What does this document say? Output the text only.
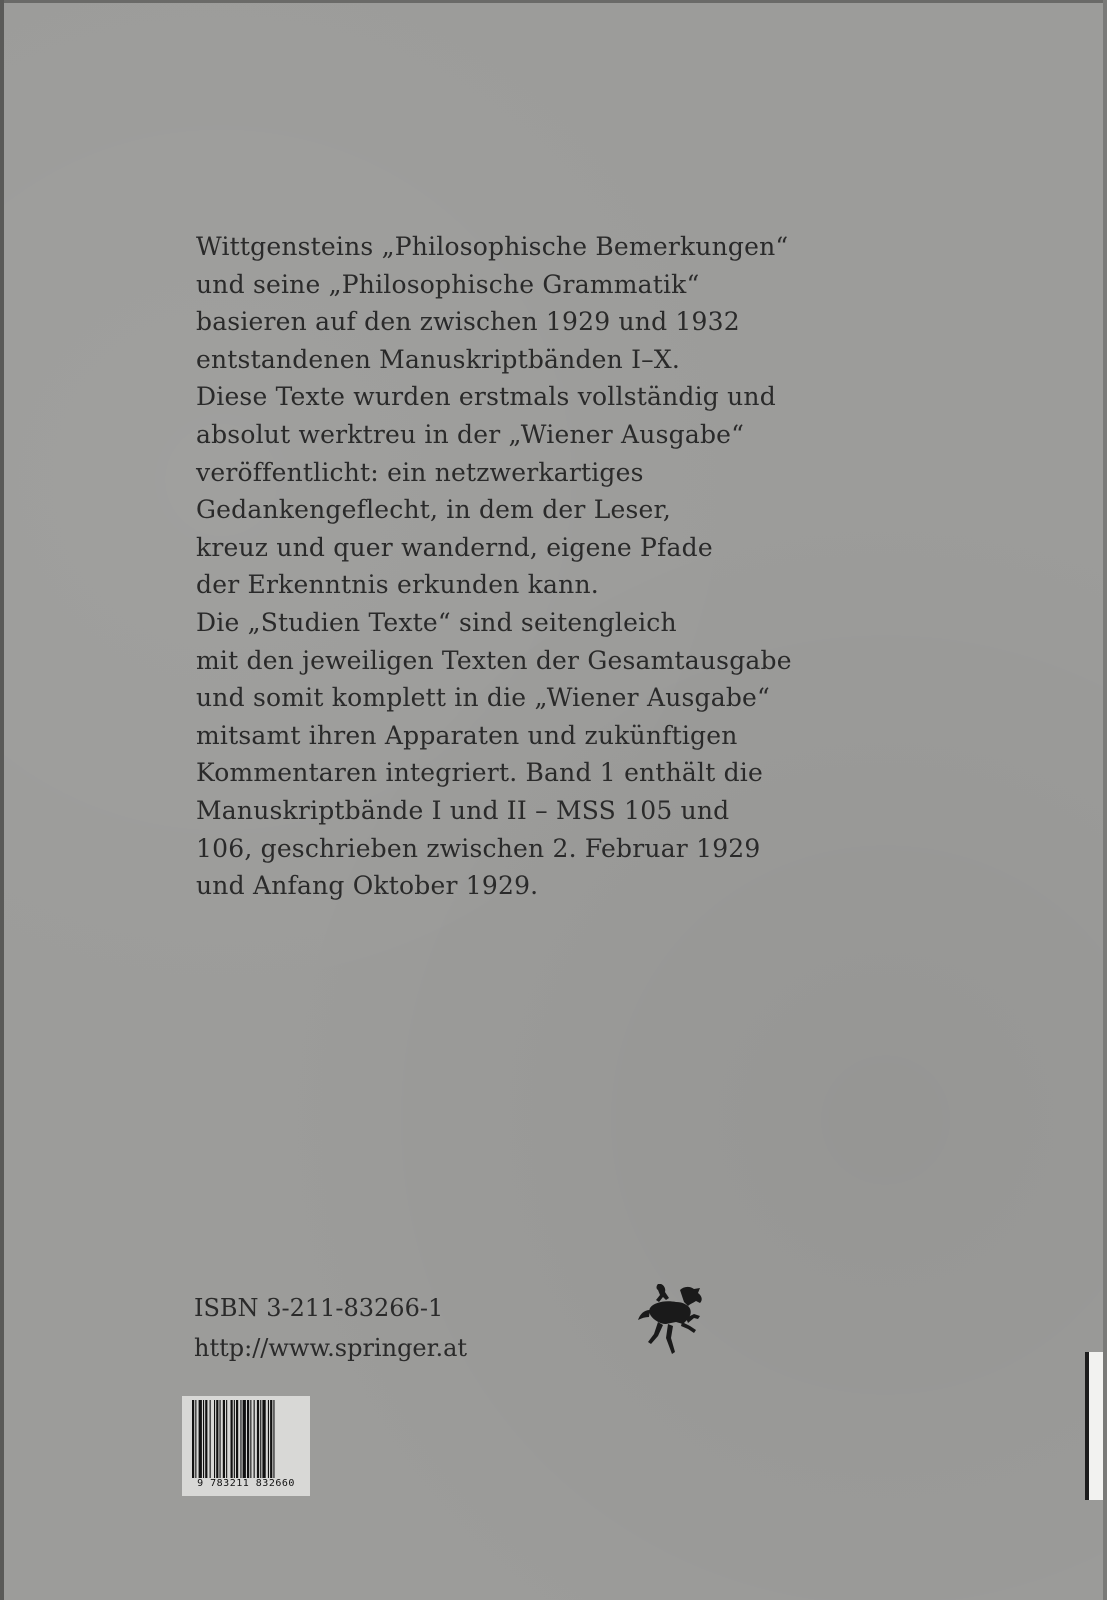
Wittgensteins „Philosophische Bemerkungen“
und seine „Philosophische Grammatik“
basieren auf den zwischen 1929 und 1932
entstandenen Manuskriptbänden I–X.
Diese Texte wurden erstmals vollständig und
absolut werktreu in der „Wiener Ausgabe“
veröffentlicht: ein netzwerkartiges
Gedankengeflecht, in dem der Leser,
kreuz und quer wandernd, eigene Pfade
der Erkenntnis erkunden kann.
Die „Studien Texte“ sind seitengleich
mit den jeweiligen Texten der Gesamtausgabe
und somit komplett in die „Wiener Ausgabe“
mitsamt ihren Apparaten und zukünftigen
Kommentaren integriert. Band 1 enthält die
Manuskriptbände I und II – MSS 105 und
106, geschrieben zwischen 2. Februar 1929
und Anfang Oktober 1929.
ISBN 3-211-83266-1
http://www.springer.at
9 783211 832660
